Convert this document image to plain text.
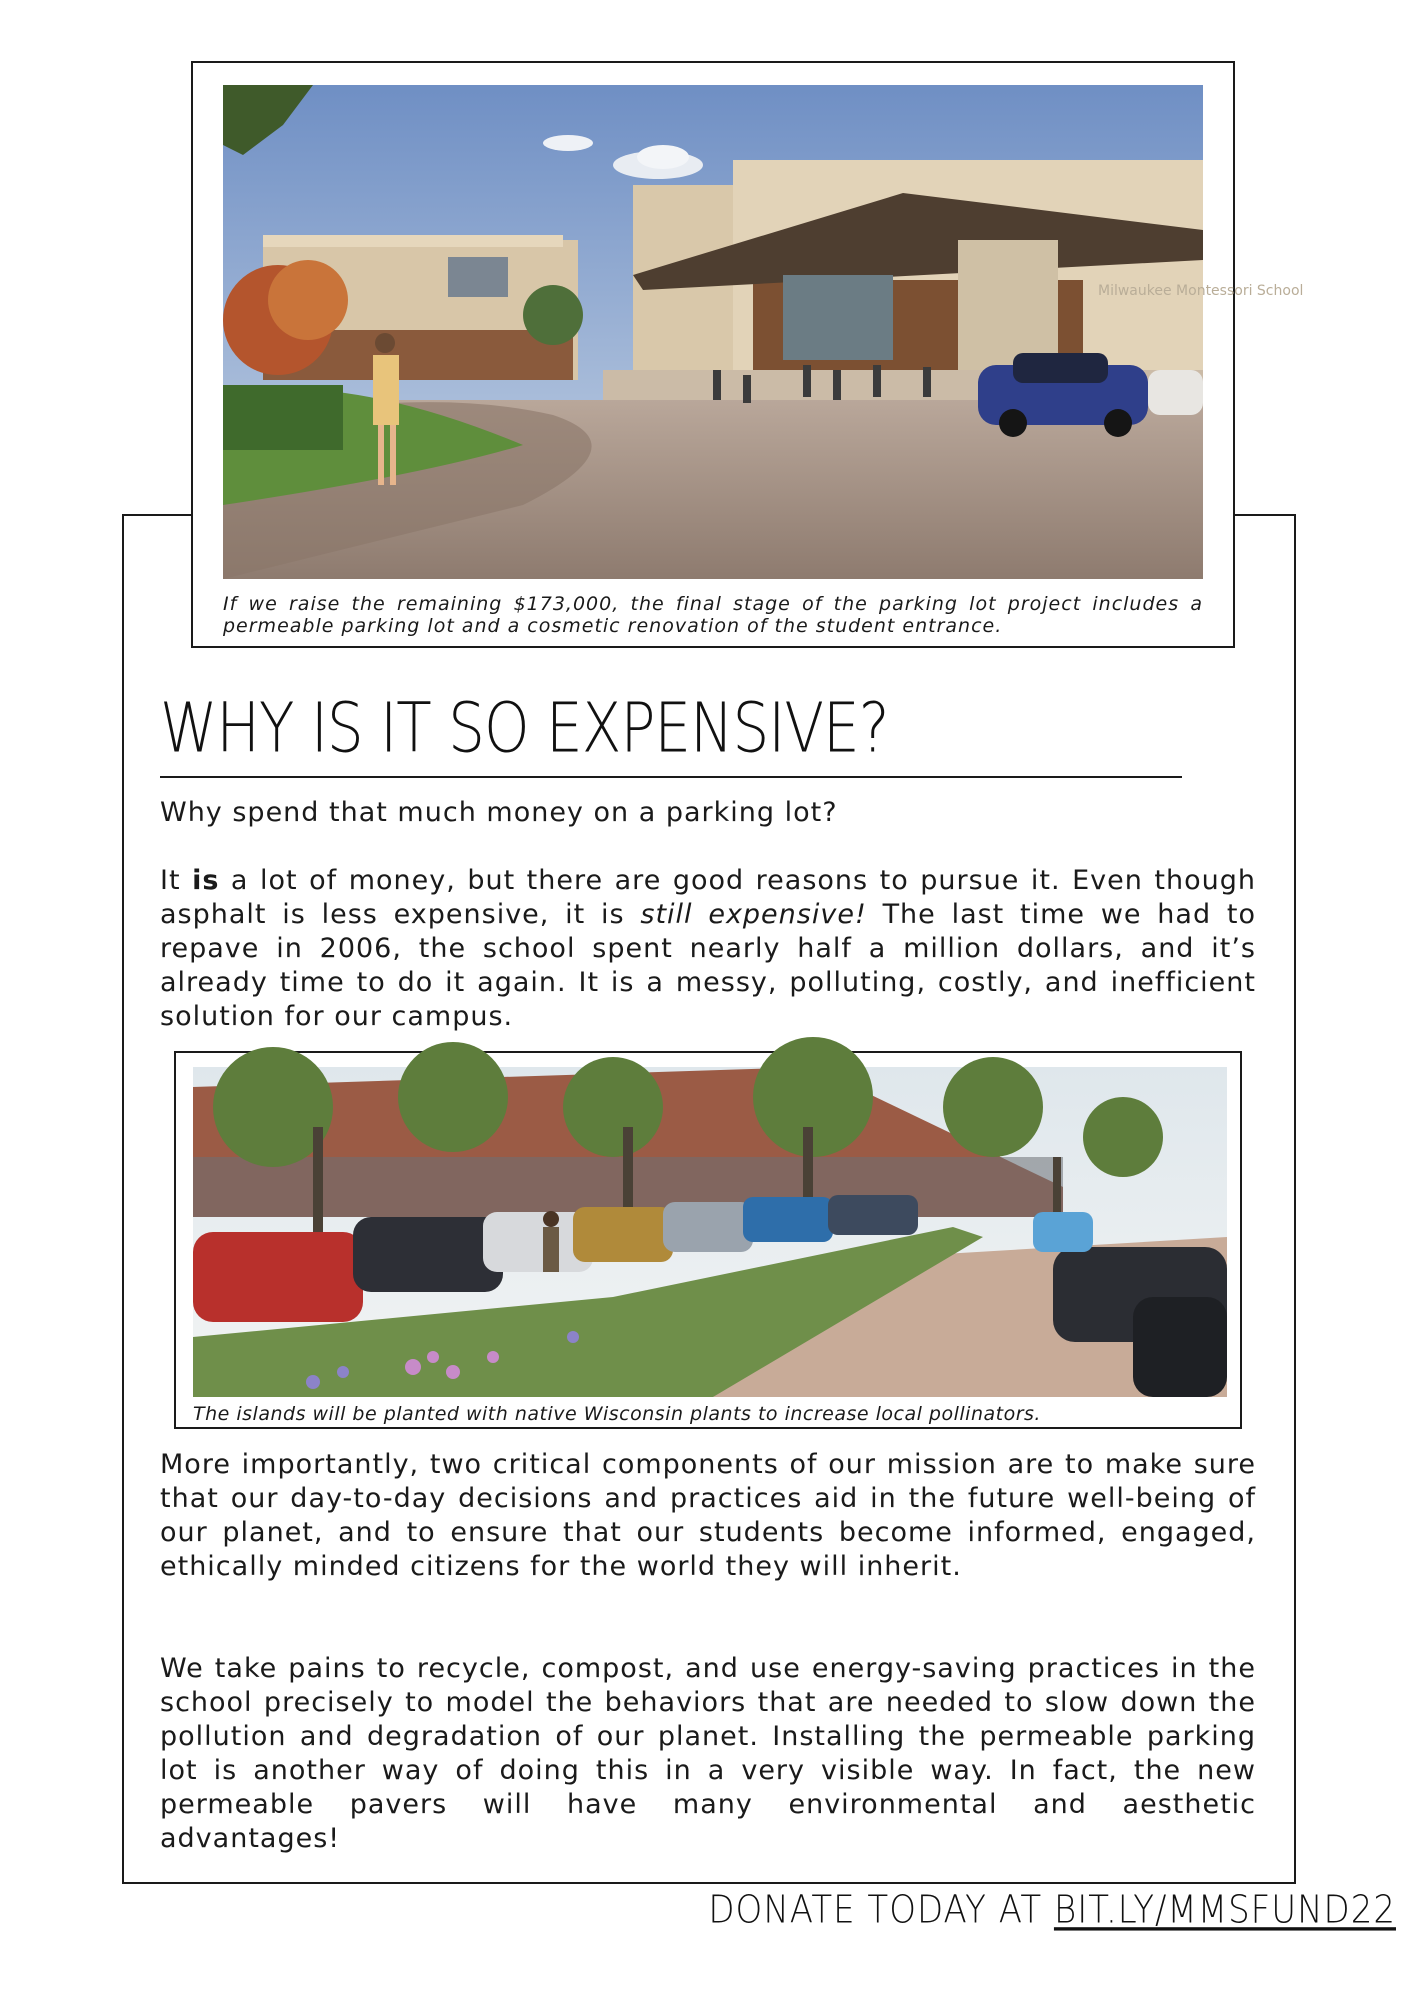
Milwaukee Montessori School
If we raise the remaining $173,000, the final stage of the parking lot project includes a permeable parking lot and a cosmetic renovation of the student entrance.
WHY IS IT SO EXPENSIVE?

Why spend that much money on a parking lot?

It is a lot of money, but there are good reasons to pursue it. Even though asphalt is less expensive, it is still expensive! The last time we had to repave in 2006, the school spent nearly half a million dollars, and it’s already time to do it again. It is a messy, polluting, costly, and inefficient solution for our campus.

The islands will be planted with native Wisconsin plants to increase local pollinators.

More importantly, two critical components of our mission are to make sure that our day-to-day decisions and practices aid in the future well-being of our planet, and to ensure that our students become informed, engaged, ethically minded citizens for the world they will inherit.

We take pains to recycle, compost, and use energy-saving practices in the school precisely to model the behaviors that are needed to slow down the pollution and degradation of our planet. Installing the permeable parking lot is another way of doing this in a very visible way. In fact, the new permeable pavers will have many environmental and aesthetic advantages!

DONATE TODAY AT BIT.LY/MMSFUND22
